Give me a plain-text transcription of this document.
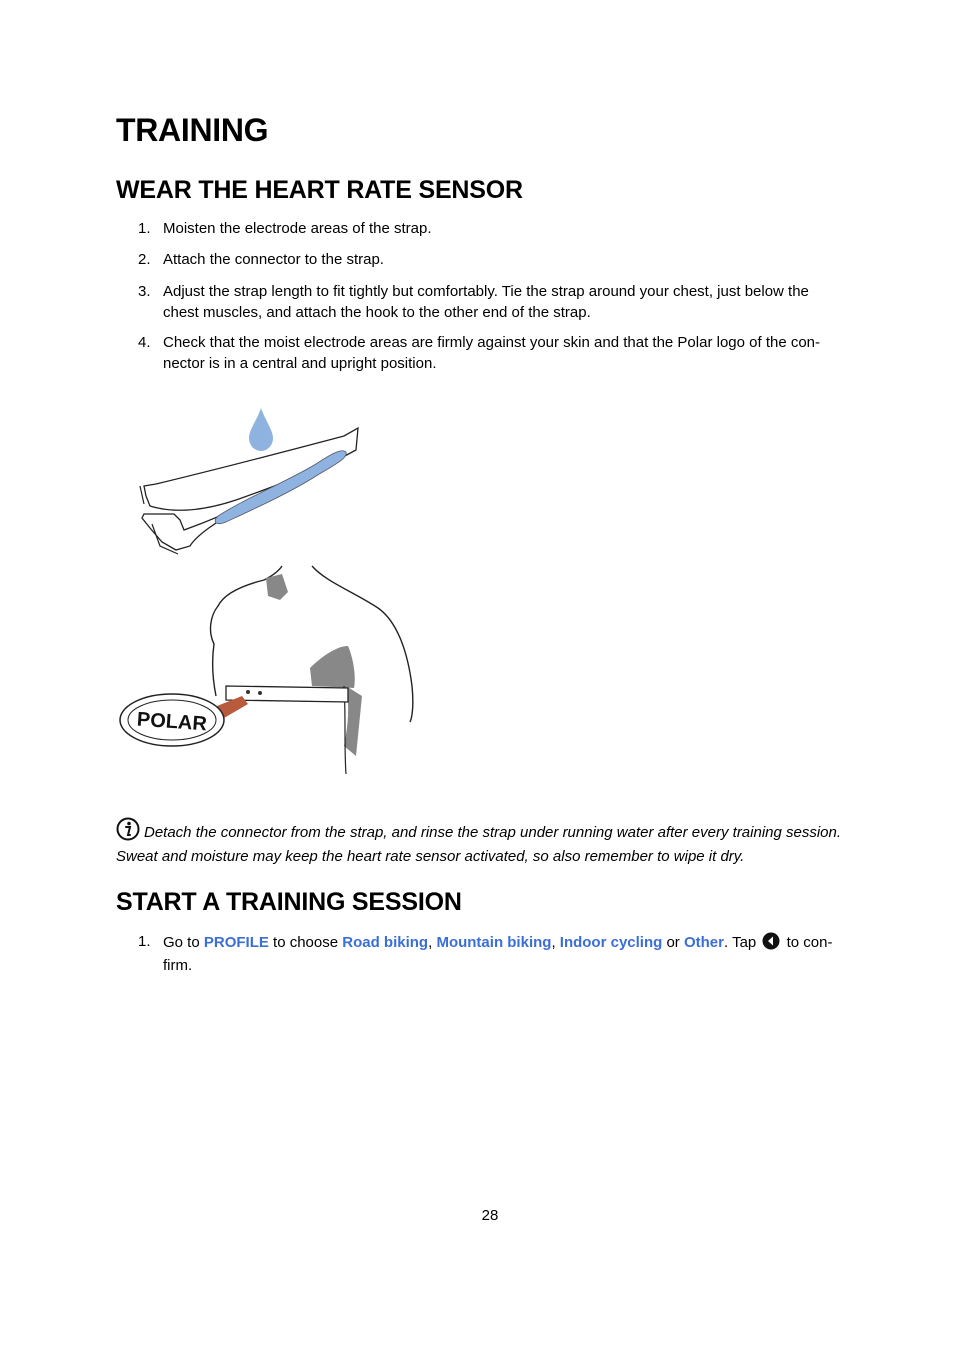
TRAINING
WEAR THE HEART RATE SENSOR
1. Moisten the electrode areas of the strap.
2. Attach the connector to the strap.
3. Adjust the strap length to fit tightly but comfortably. Tie the strap around your chest, just below the chest muscles, and attach the hook to the other end of the strap.
4. Check that the moist electrode areas are firmly against your skin and that the Polar logo of the con-nector is in a central and upright position.
POLAR
Detach the connector from the strap, and rinse the strap under running water after every training session. Sweat and moisture may keep the heart rate sensor activated, so also remember to wipe it dry.
START A TRAINING SESSION
1. Go to PROFILE to choose Road biking, Mountain biking, Indoor cycling or Other. Tap  to con-firm.
28
